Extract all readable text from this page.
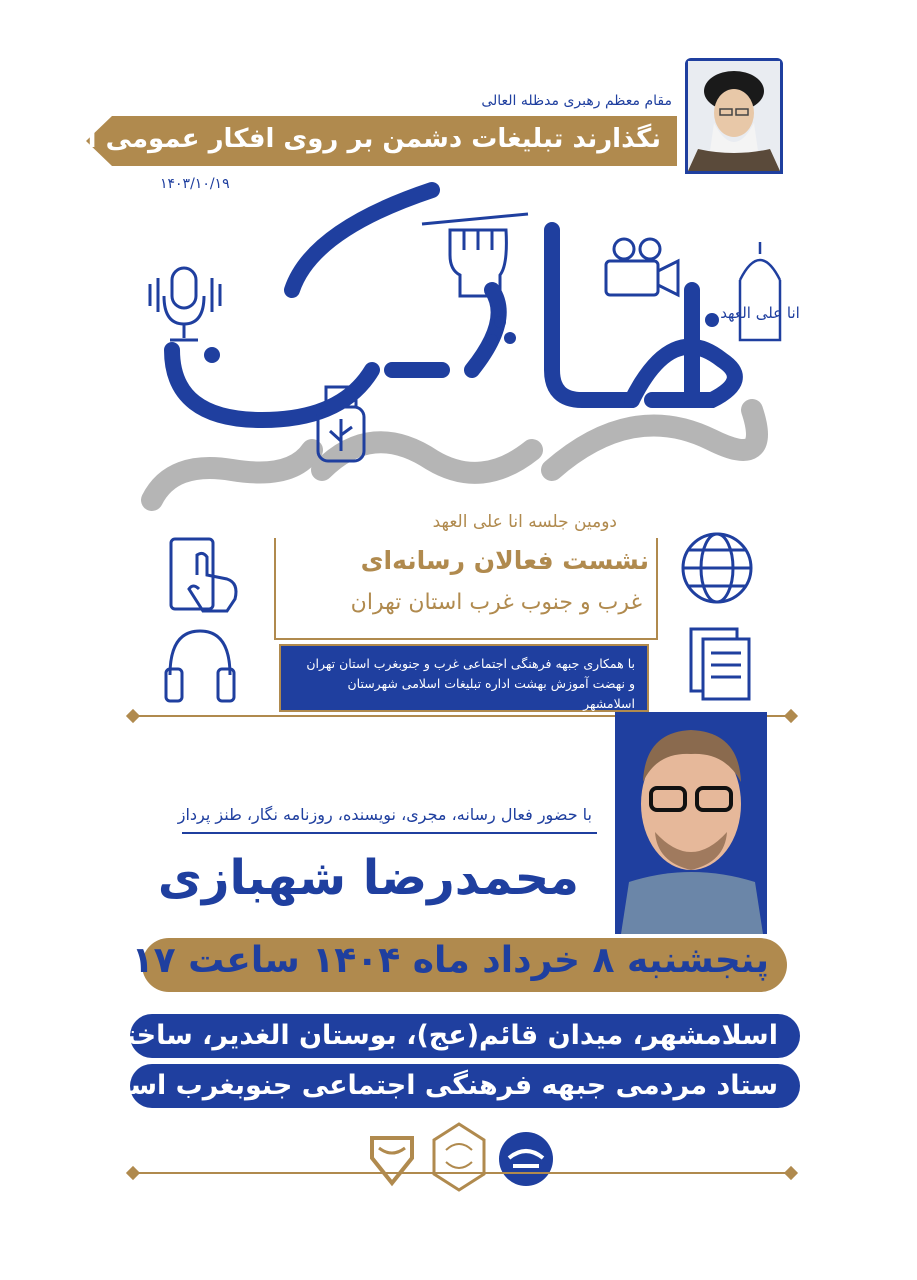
مقام معظم رهبری مدظله العالی
نگذارند تبلیغات دشمن بر روی افکار عمومی اثر کند.
۱۴۰۳/۱۰/۱۹
انا علی العهد
دومین جلسه انا علی العهد
نشست فعالان رسانه‌ای
غرب و جنوب غرب استان تهران
با همکاری جبهه فرهنگی اجتماعی غرب و جنوبغرب استان تهران
و نهضت آموزش بهشت اداره تبلیغات اسلامی شهرستان اسلامشهر
با حضور فعال رسانه، مجری، نویسنده، روزنامه نگار، طنز پرداز
محمدرضا شهبازی
پنجشنبه ۸ خرداد ماه ۱۴۰۴ ساعت ۱۷
اسلامشهر، میدان قائم(عج)، بوستان الغدیر، ساختمان
ستاد مردمی جبهه فرهنگی اجتماعی جنوبغرب استان تهران
